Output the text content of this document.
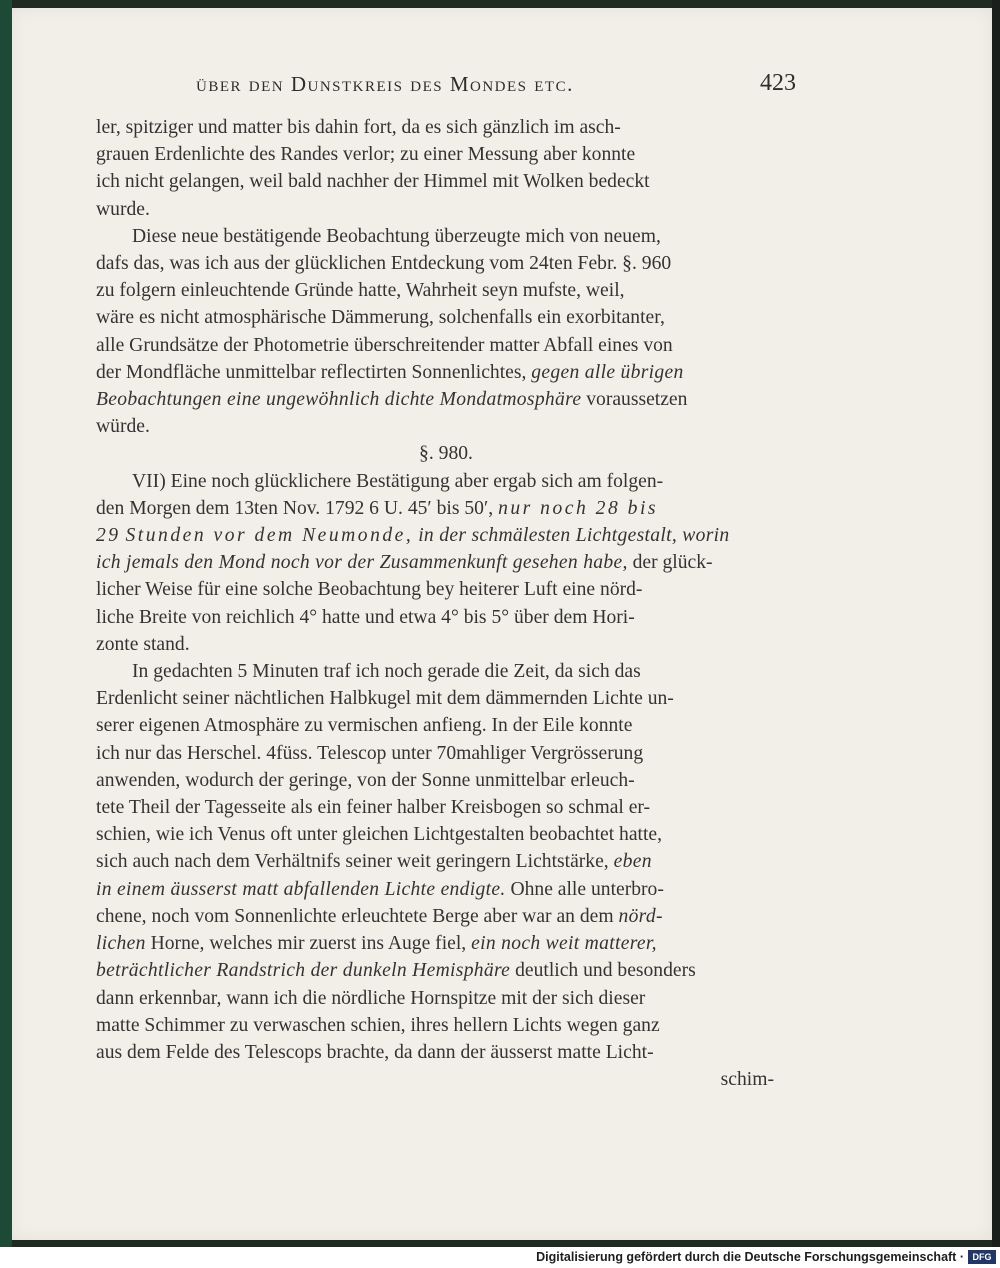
über den Dunstkreis des Mondes etc.	423

ler, spitziger und matter bis dahin fort, da es sich gänzlich im asch-
grauen Erdenlichte des Randes verlor; zu einer Messung aber konnte
ich nicht gelangen, weil bald nachher der Himmel mit Wolken bedeckt
wurde.

Diese neue bestätigende Beobachtung überzeugte mich von neuem,
dafs das, was ich aus der glücklichen Entdeckung vom 24ten Febr. §. 960
zu folgern einleuchtende Gründe hatte, Wahrheit seyn mufste, weil,
wäre es nicht atmosphärische Dämmerung, solchenfalls ein exorbitanter,
alle Grundsätze der Photometrie überschreitender matter Abfall eines von
der Mondfläche unmittelbar reflectirten Sonnenlichtes, gegen alle übrigen
Beobachtungen eine ungewöhnlich dichte Mondatmosphäre voraussetzen
würde.

§. 980.

VII) Eine noch glücklichere Bestätigung aber ergab sich am folgen-
den Morgen dem 13ten Nov. 1792 6 U. 45′ bis 50′, nur noch 28 bis
29 Stunden vor dem Neumonde, in der schmälesten Lichtgestalt, worin
ich jemals den Mond noch vor der Zusammenkunft gesehen habe, der glück-
licher Weise für eine solche Beobachtung bey heiterer Luft eine nörd-
liche Breite von reichlich 4° hatte und etwa 4° bis 5° über dem Hori-
zonte stand.

In gedachten 5 Minuten traf ich noch gerade die Zeit, da sich das
Erdenlicht seiner nächtlichen Halbkugel mit dem dämmernden Lichte un-
serer eigenen Atmosphäre zu vermischen anfieng. In der Eile konnte
ich nur das Herschel. 4füss. Telescop unter 70mahliger Vergrösserung
anwenden, wodurch der geringe, von der Sonne unmittelbar erleuch-
tete Theil der Tagesseite als ein feiner halber Kreisbogen so schmal er-
schien, wie ich Venus oft unter gleichen Lichtgestalten beobachtet hatte,
sich auch nach dem Verhältnifs seiner weit geringern Lichtstärke, eben
in einem äusserst matt abfallenden Lichte endigte. Ohne alle unterbro-
chene, noch vom Sonnenlichte erleuchtete Berge aber war an dem nörd-
lichen Horne, welches mir zuerst ins Auge fiel, ein noch weit matterer,
beträchtlicher Randstrich der dunkeln Hemisphäre deutlich und besonders
dann erkennbar, wann ich die nördliche Hornspitze mit der sich dieser
matte Schimmer zu verwaschen schien, ihres hellern Lichts wegen ganz
aus dem Felde des Telescops brachte, da dann der äusserst matte Licht-
schim-

Digitalisierung gefördert durch die Deutsche Forschungsgemeinschaft · DFG
